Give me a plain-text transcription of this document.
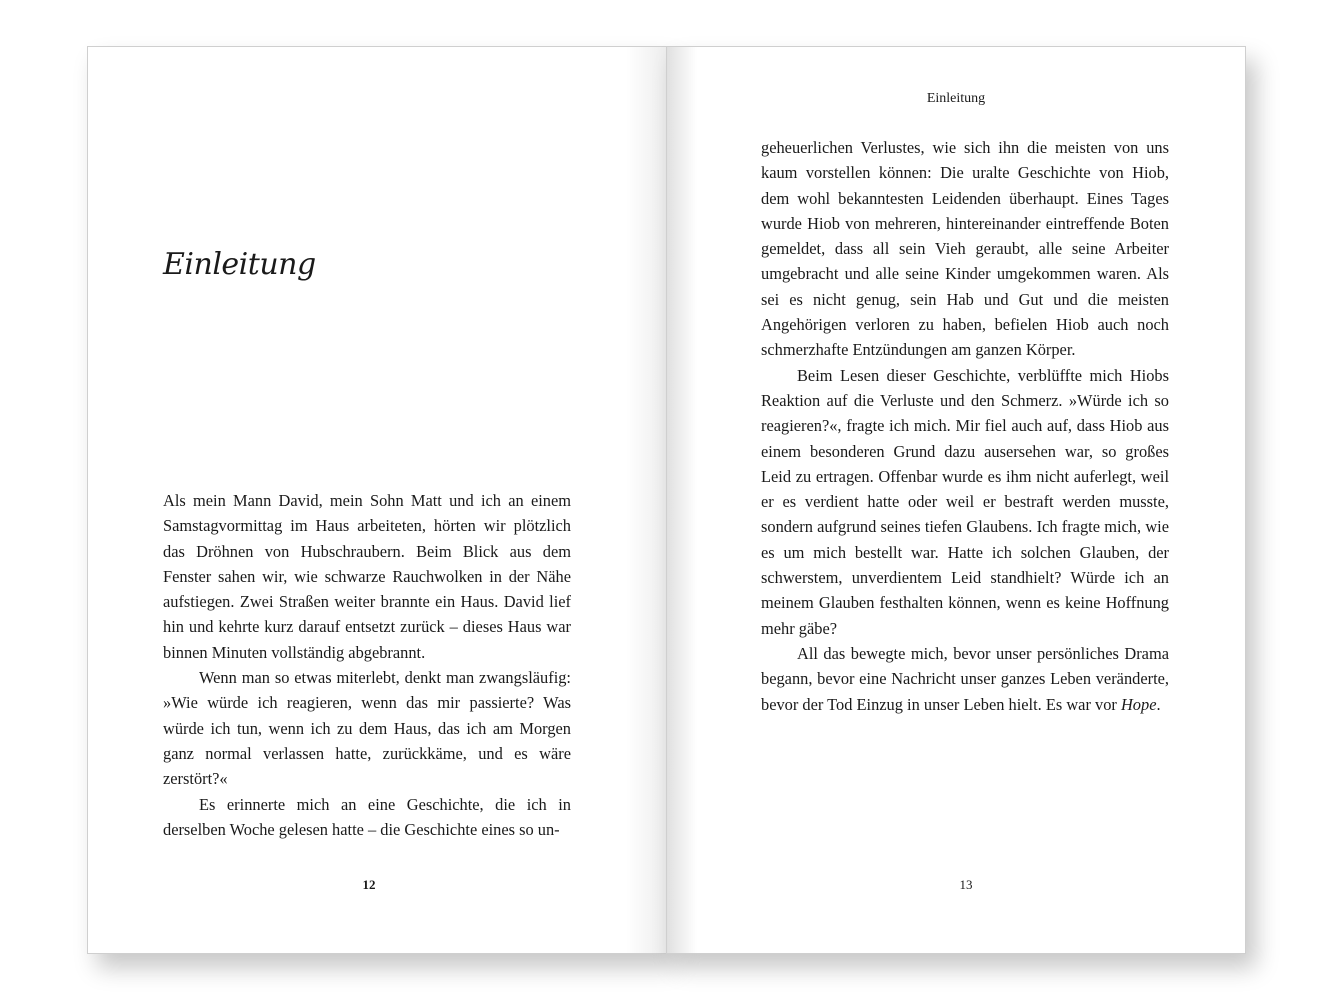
Einleitung

Als mein Mann David, mein Sohn Matt und ich an einem Samstagvormittag im Haus arbeiteten, hörten wir plötzlich das Dröhnen von Hubschraubern. Beim Blick aus dem Fenster sahen wir, wie schwarze Rauchwolken in der Nähe aufstiegen. Zwei Straßen weiter brannte ein Haus. David lief hin und kehrte kurz darauf entsetzt zurück – dieses Haus war binnen Minuten vollständig abgebrannt.

Wenn man so etwas miterlebt, denkt man zwangsläufig: »Wie würde ich reagieren, wenn das mir passierte? Was würde ich tun, wenn ich zu dem Haus, das ich am Morgen ganz normal verlassen hatte, zurückkäme, und es wäre zerstört?«

Es erinnerte mich an eine Geschichte, die ich in derselben Woche gelesen hatte – die Geschichte eines so un-

12
Einleitung

geheuerlichen Verlustes, wie sich ihn die meisten von uns kaum vorstellen können: Die uralte Geschichte von Hiob, dem wohl bekanntesten Leidenden überhaupt. Eines Tages wurde Hiob von mehreren, hintereinander eintreffende Boten gemeldet, dass all sein Vieh geraubt, alle seine Arbeiter umgebracht und alle seine Kinder umgekommen waren. Als sei es nicht genug, sein Hab und Gut und die meisten Angehörigen verloren zu haben, befielen Hiob auch noch schmerzhafte Entzündungen am ganzen Körper.

Beim Lesen dieser Geschichte, verblüffte mich Hiobs Reaktion auf die Verluste und den Schmerz. »Würde ich so reagieren?«, fragte ich mich. Mir fiel auch auf, dass Hiob aus einem besonderen Grund dazu ausersehen war, so großes Leid zu ertragen. Offenbar wurde es ihm nicht auferlegt, weil er es verdient hatte oder weil er bestraft werden musste, sondern aufgrund seines tiefen Glaubens. Ich fragte mich, wie es um mich bestellt war. Hatte ich solchen Glauben, der schwerstem, unverdientem Leid standhielt? Würde ich an meinem Glauben festhalten können, wenn es keine Hoffnung mehr gäbe?

All das bewegte mich, bevor unser persönliches Drama begann, bevor eine Nachricht unser ganzes Leben veränderte, bevor der Tod Einzug in unser Leben hielt. Es war vor Hope.

13
